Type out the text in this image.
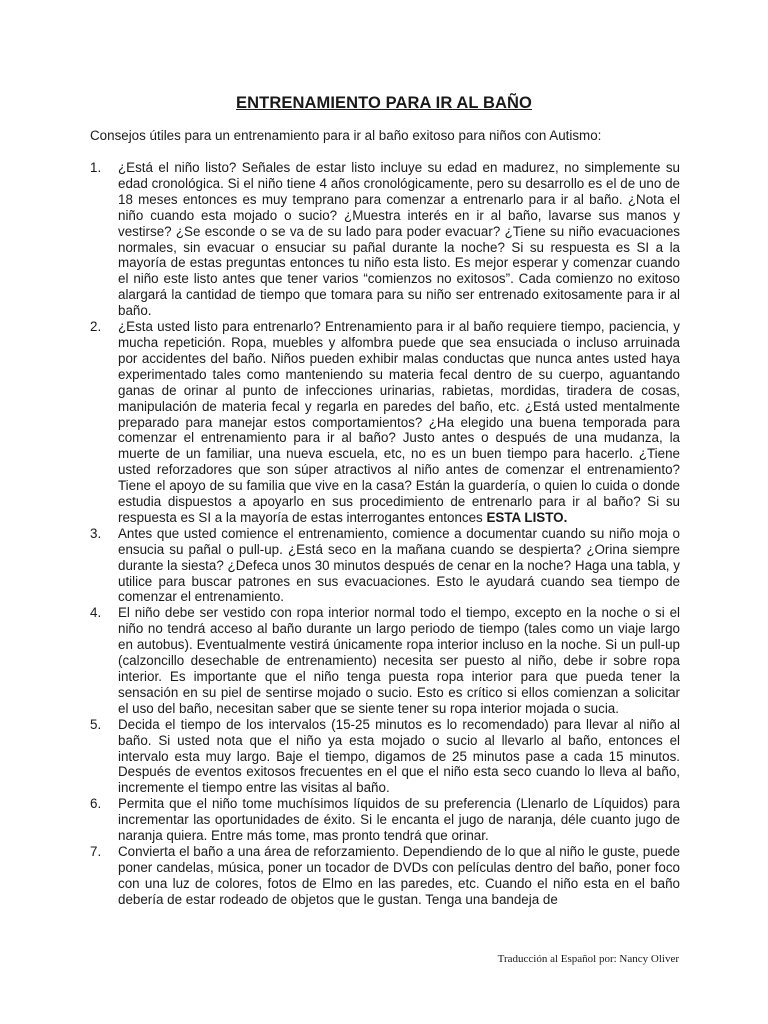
ENTRENAMIENTO PARA IR AL BAÑO
Consejos útiles para un entrenamiento para ir al baño exitoso para niños con Autismo:
1. ¿Está el niño listo? Señales de estar listo incluye su edad en madurez, no simplemente su edad cronológica. Si el niño tiene 4 años cronológicamente, pero su desarrollo es el de uno de 18 meses entonces es muy temprano para comenzar a entrenarlo para ir al baño. ¿Nota el niño cuando esta mojado o sucio? ¿Muestra interés en ir al baño, lavarse sus manos y vestirse? ¿Se esconde o se va de su lado para poder evacuar? ¿Tiene su niño evacuaciones normales, sin evacuar o ensuciar su pañal durante la noche? Si su respuesta es SI a la mayoría de estas preguntas entonces tu niño esta listo. Es mejor esperar y comenzar cuando el niño este listo antes que tener varios “comienzos no exitosos”. Cada comienzo no exitoso alargará la cantidad de tiempo que tomara para su niño ser entrenado exitosamente para ir al baño.
2. ¿Esta usted listo para entrenarlo? Entrenamiento para ir al baño requiere tiempo, paciencia, y mucha repetición. Ropa, muebles y alfombra puede que sea ensuciada o incluso arruinada por accidentes del baño. Niños pueden exhibir malas conductas que nunca antes usted haya experimentado tales como manteniendo su materia fecal dentro de su cuerpo, aguantando ganas de orinar al punto de infecciones urinarias, rabietas, mordidas, tiradera de cosas, manipulación de materia fecal y regarla en paredes del baño, etc. ¿Está usted mentalmente preparado para manejar estos comportamientos? ¿Ha elegido una buena temporada para comenzar el entrenamiento para ir al baño? Justo antes o después de una mudanza, la muerte de un familiar, una nueva escuela, etc, no es un buen tiempo para hacerlo. ¿Tiene usted reforzadores que son súper atractivos al niño antes de comenzar el entrenamiento? Tiene el apoyo de su familia que vive en la casa? Están la guardería, o quien lo cuida o donde estudia dispuestos a apoyarlo en sus procedimiento de entrenarlo para ir al baño? Si su respuesta es SI a la mayoría de estas interrogantes entonces ESTA LISTO.
3. Antes que usted comience el entrenamiento, comience a documentar cuando su niño moja o ensucia su pañal o pull-up. ¿Está seco en la mañana cuando se despierta? ¿Orina siempre durante la siesta? ¿Defeca unos 30 minutos después de cenar en la noche? Haga una tabla, y utilice para buscar patrones en sus evacuaciones. Esto le ayudará cuando sea tiempo de comenzar el entrenamiento.
4. El niño debe ser vestido con ropa interior normal todo el tiempo, excepto en la noche o si el niño no tendrá acceso al baño durante un largo periodo de tiempo (tales como un viaje largo en autobus). Eventualmente vestirá únicamente ropa interior incluso en la noche. Si un pull-up (calzoncillo desechable de entrenamiento) necesita ser puesto al niño, debe ir sobre ropa interior. Es importante que el niño tenga puesta ropa interior para que pueda tener la sensación en su piel de sentirse mojado o sucio. Esto es crítico si ellos comienzan a solicitar el uso del baño, necesitan saber que se siente tener su ropa interior mojada o sucia.
5. Decida el tiempo de los intervalos (15-25 minutos es lo recomendado) para llevar al niño al baño. Si usted nota que el niño ya esta mojado o sucio al llevarlo al baño, entonces el intervalo esta muy largo. Baje el tiempo, digamos de 25 minutos pase a cada 15 minutos. Después de eventos exitosos frecuentes en el que el niño esta seco cuando lo lleva al baño, incremente el tiempo entre las visitas al baño.
6. Permita que el niño tome muchísimos líquidos de su preferencia (Llenarlo de Líquidos) para incrementar las oportunidades de éxito. Si le encanta el jugo de naranja, déle cuanto jugo de naranja quiera. Entre más tome, mas pronto tendrá que orinar.
7. Convierta el baño a una área de reforzamiento. Dependiendo de lo que al niño le guste, puede poner candelas, música, poner un tocador de DVDs con películas dentro del baño, poner foco con una luz de colores, fotos de Elmo en las paredes, etc. Cuando el niño esta en el baño debería de estar rodeado de objetos que le gustan. Tenga una bandeja de
Traducción al Español por: Nancy Oliver
